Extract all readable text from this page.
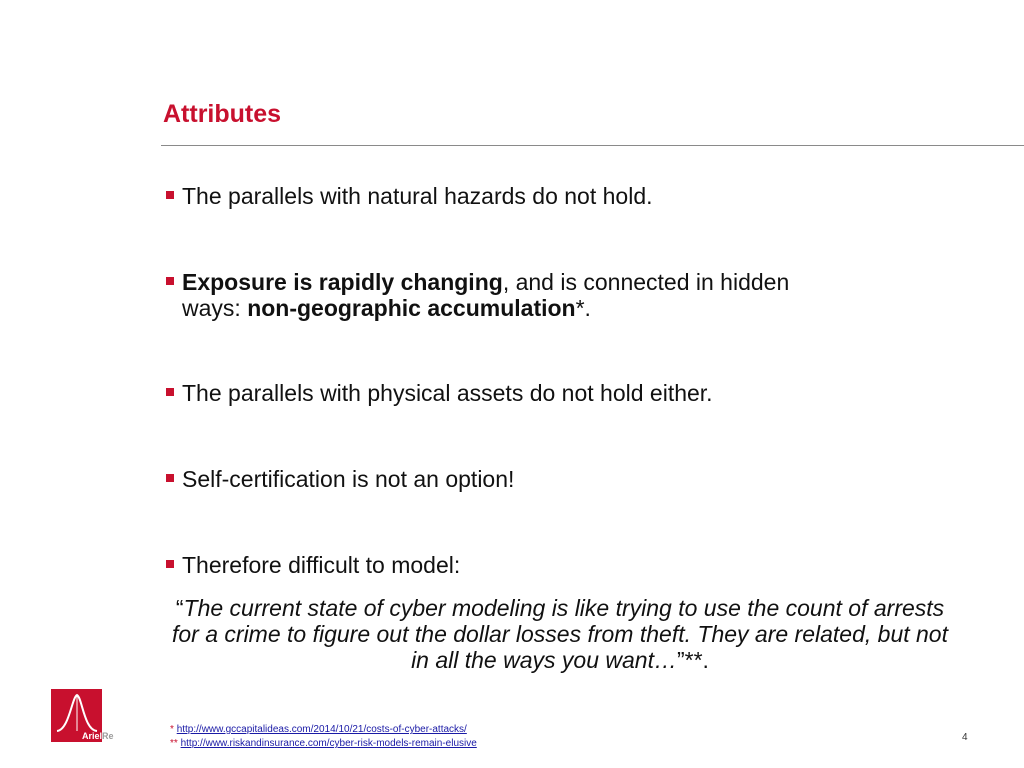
Attributes
The parallels with natural hazards do not hold.
Exposure is rapidly changing, and is connected in hidden
ways: non-geographic accumulation*.
The parallels with physical assets do not hold either.
Self-certification is not an option!
Therefore difficult to model:
“The current state of cyber modeling is like trying to use the count of arrests for a crime to figure out the dollar losses from theft. They are related, but not in all the ways you want…”**.
ArielRe
* http://www.gccapitalideas.com/2014/10/21/costs-of-cyber-attacks/
** http://www.riskandinsurance.com/cyber-risk-models-remain-elusive
4
